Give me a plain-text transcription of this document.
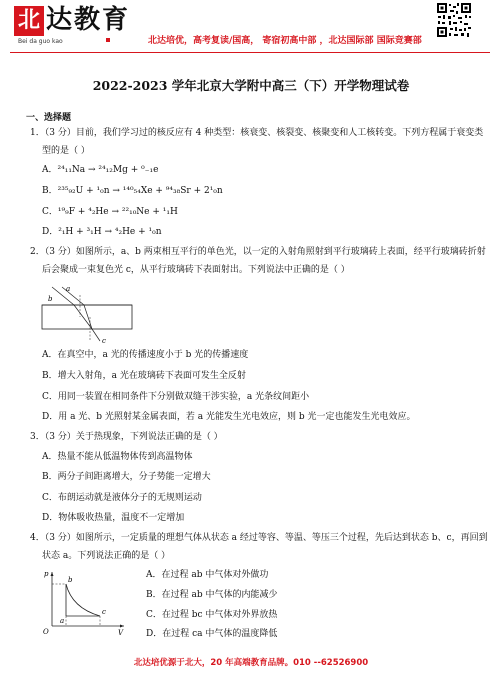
北 达教育
Bei da guo kao	北达培优，高考复读/国高， 寄宿初高中部 ，北达国际部 国际竞赛部
2022-2023 学年北京大学附中高三（下）开学物理试卷
一、选择题
1．（3 分）目前，我们学习过的核反应有 4 种类型：核衰变、核裂变、核聚变和人工核转变。下列方程属于衰变类
型的是（ ）
A．²⁴₁₁Na → ²⁴₁₂Mg + ⁰₋₁e
B．²³⁵₉₂U + ¹₀n → ¹⁴⁰₅₄Xe + ⁹⁴₃₈Sr + 2¹₀n
C．¹⁹₉F + ⁴₂He → ²²₁₀Ne + ¹₁H
D．²₁H + ³₁H → ⁴₂He + ¹₀n
2．（3 分）如图所示，a、b 两束相互平行的单色光，以一定的入射角照射到平行玻璃砖上表面，经平行玻璃砖折射
后会聚成一束复色光 c，从平行玻璃砖下表面射出。下列说法中正确的是（ ）
a
b
c
A．在真空中，a 光的传播速度小于 b 光的传播速度
B．增大入射角，a 光在玻璃砖下表面可发生全反射
C．用同一装置在相同条件下分别做双缝干涉实验，a 光条纹间距小
D．用 a 光、b 光照射某金属表面，若 a 光能发生光电效应，则 b 光一定也能发生光电效应。
3．（3 分）关于热现象，下列说法正确的是（ ）
A．热量不能从低温物体传到高温物体
B．两分子间距离增大，分子势能一定增大
C．布朗运动就是液体分子的无规则运动
D．物体吸收热量，温度不一定增加
4．（3 分）如图所示，一定质量的理想气体从状态 a 经过等容、等温、等压三个过程，先后达到状态 b、c，再回到
状态 a。下列说法正确的是（ ）
p
V
O
b
a
c
A．在过程 ab 中气体对外做功
B．在过程 ab 中气体的内能减少
C．在过程 bc 中气体对外界放热
D．在过程 ca 中气体的温度降低
北达培优源于北大，20 年高端教育品牌。010 --62526900
